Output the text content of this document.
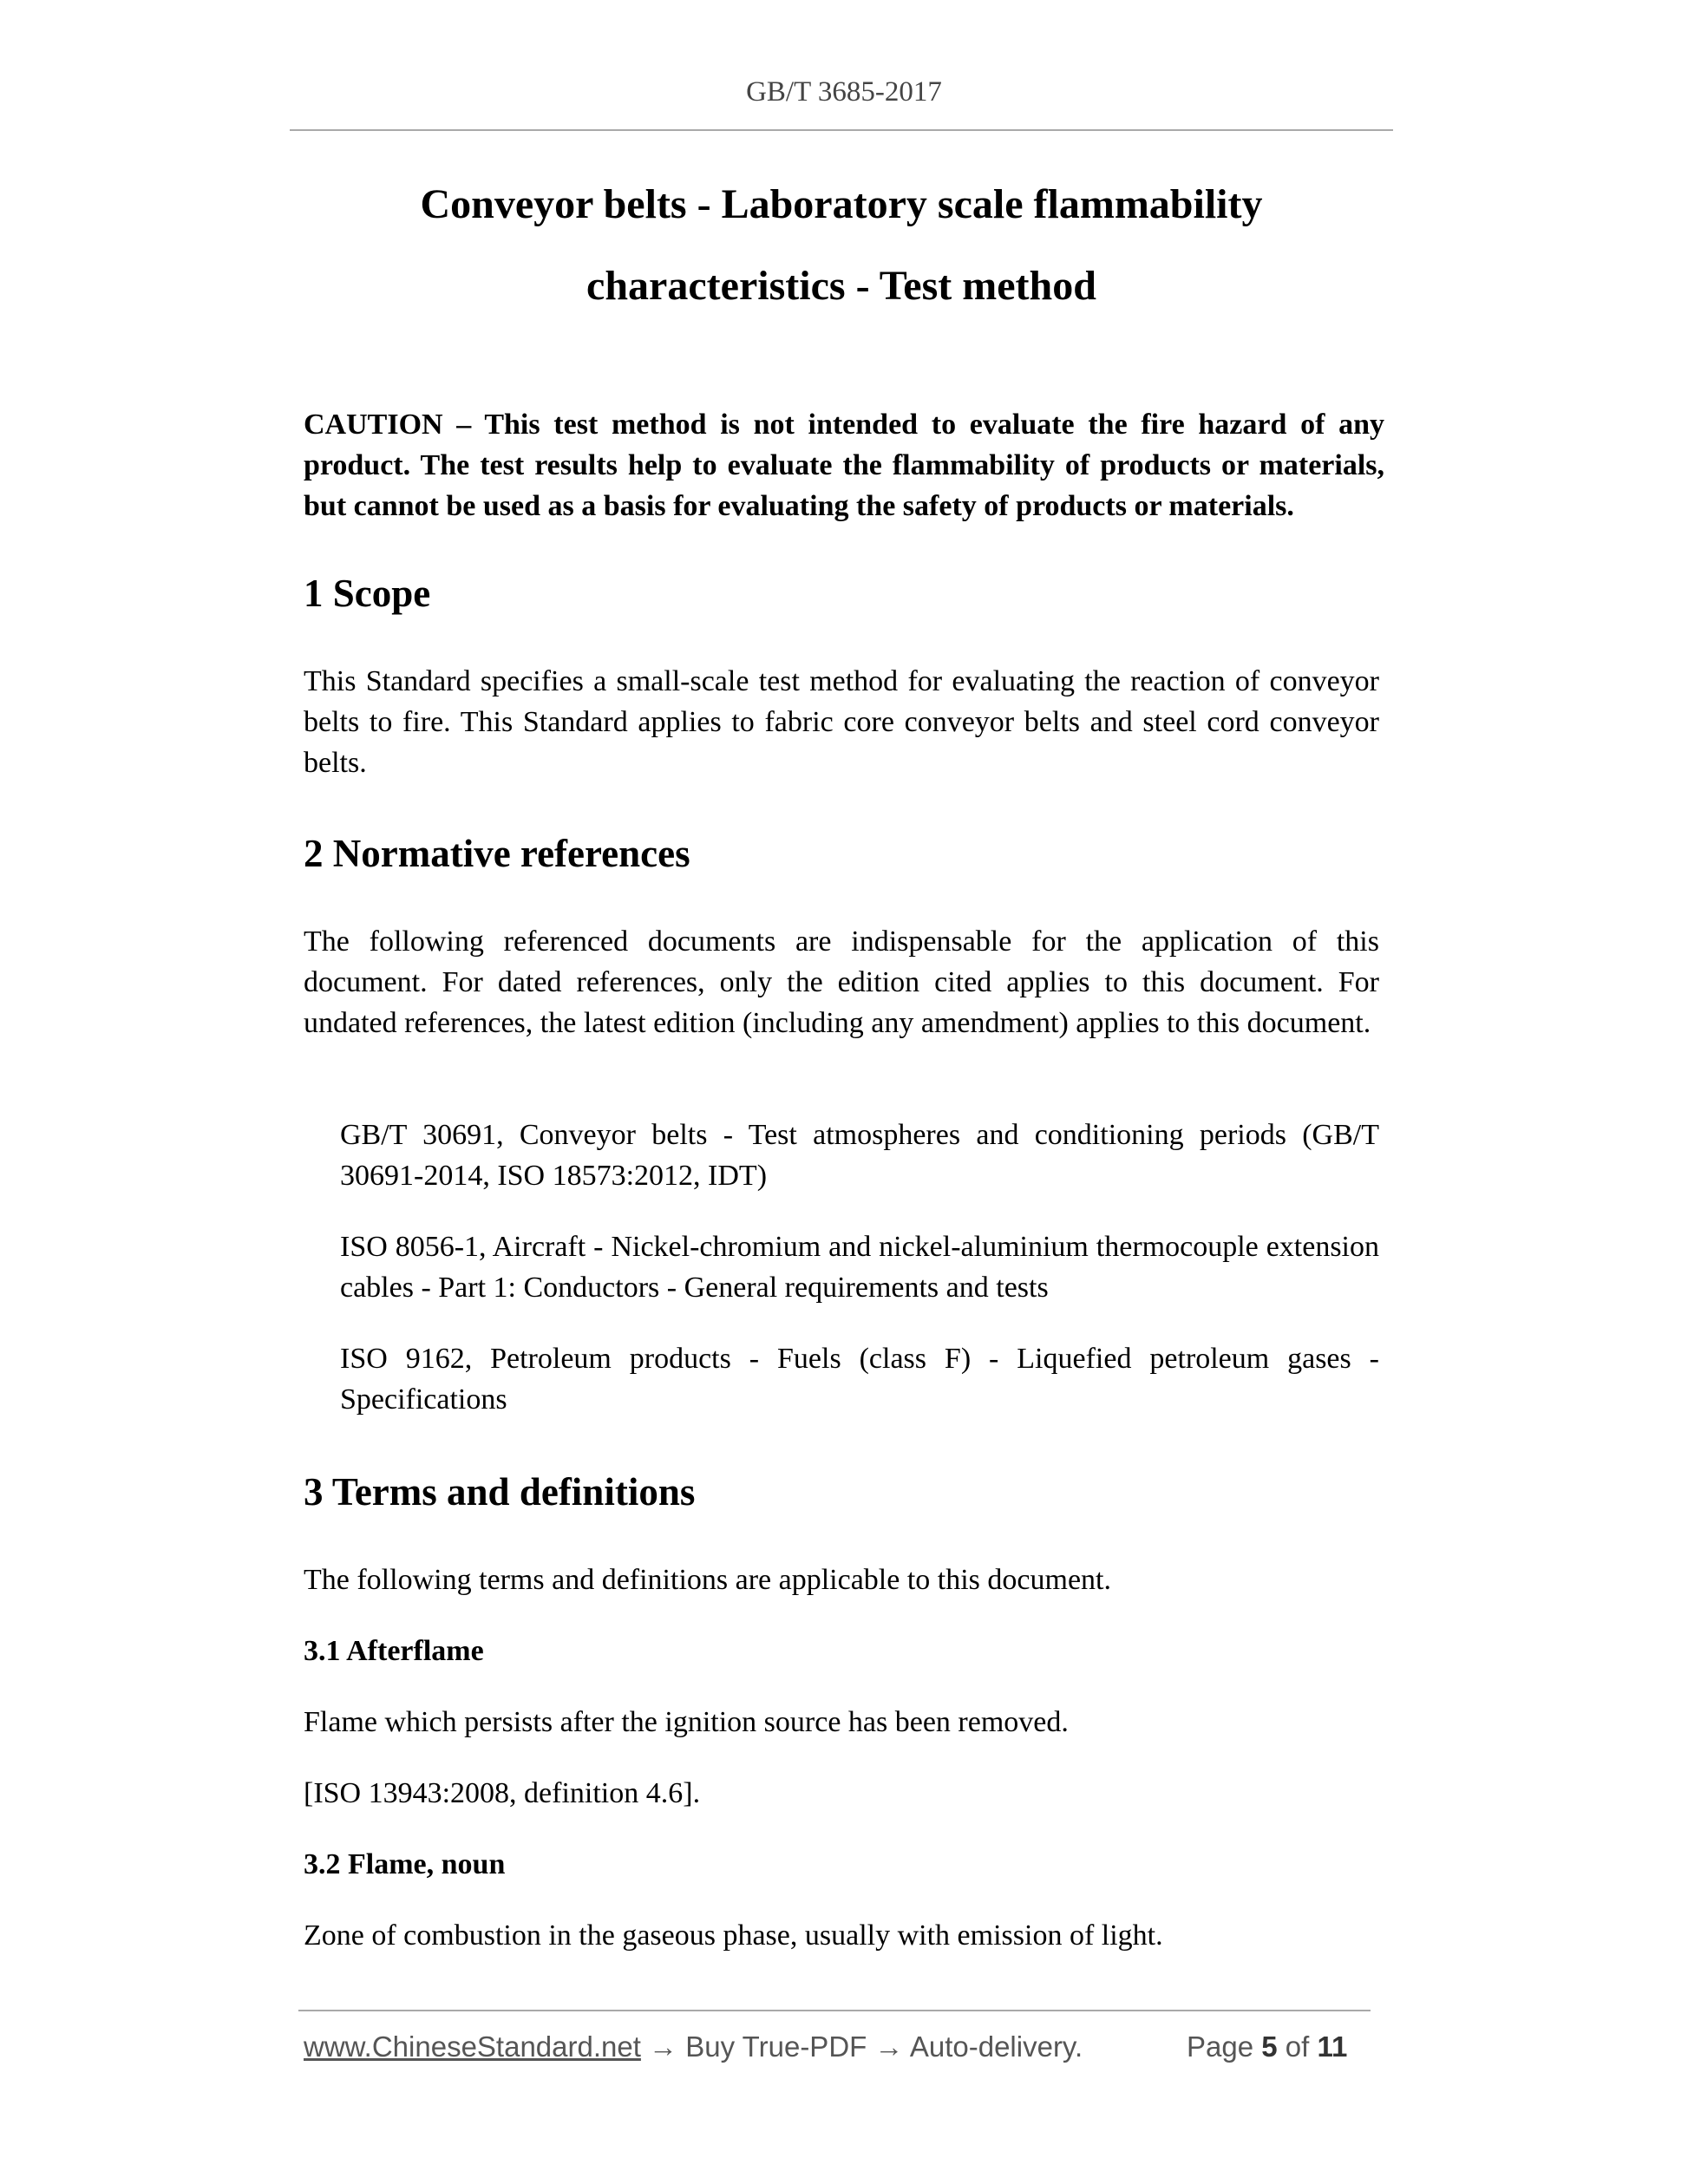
GB/T 3685-2017
Conveyor belts - Laboratory scale flammability
characteristics - Test method
CAUTION – This test method is not intended to evaluate the fire hazard of any product. The test results help to evaluate the flammability of products or materials, but cannot be used as a basis for evaluating the safety of products or materials.
1 Scope
This Standard specifies a small-scale test method for evaluating the reaction of conveyor belts to fire. This Standard applies to fabric core conveyor belts and steel cord conveyor belts.
2 Normative references
The following referenced documents are indispensable for the application of this document. For dated references, only the edition cited applies to this document. For undated references, the latest edition (including any amendment) applies to this document.
GB/T 30691, Conveyor belts - Test atmospheres and conditioning periods (GB/T 30691-2014, ISO 18573:2012, IDT)
ISO 8056-1, Aircraft - Nickel-chromium and nickel-aluminium thermocouple extension cables - Part 1: Conductors - General requirements and tests
ISO 9162, Petroleum products - Fuels (class F) - Liquefied petroleum gases - Specifications
3 Terms and definitions
The following terms and definitions are applicable to this document.
3.1 Afterflame
Flame which persists after the ignition source has been removed.
[ISO 13943:2008, definition 4.6].
3.2 Flame, noun
Zone of combustion in the gaseous phase, usually with emission of light.
www.ChineseStandard.net → Buy True-PDF → Auto-delivery.	Page 5 of 11
